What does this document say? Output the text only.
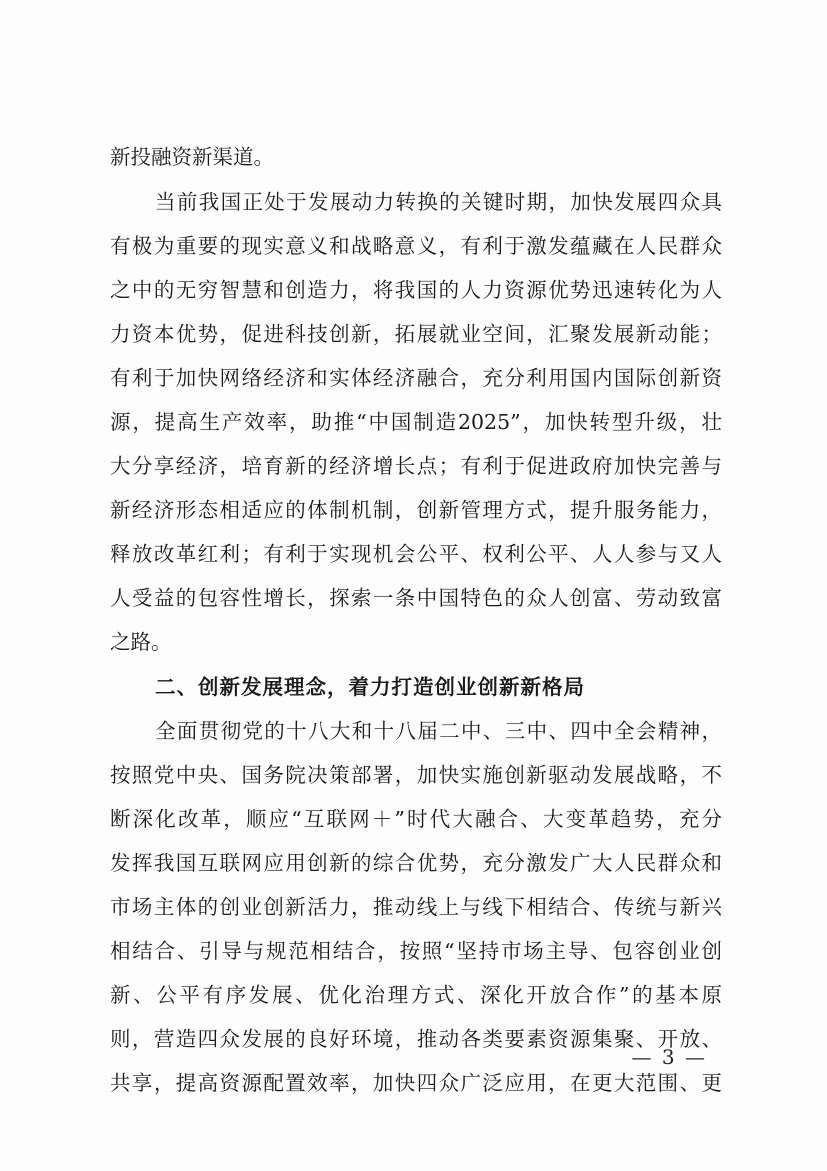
新投融资新渠道。
当前我国正处于发展动力转换的关键时期，加快发展四众具
有极为重要的现实意义和战略意义，有利于激发蕴藏在人民群众
之中的无穷智慧和创造力，将我国的人力资源优势迅速转化为人
力资本优势，促进科技创新，拓展就业空间，汇聚发展新动能；
有利于加快网络经济和实体经济融合，充分利用国内国际创新资
源，提高生产效率，助推“中国制造2025”，加快转型升级，壮
大分享经济，培育新的经济增长点；有利于促进政府加快完善与
新经济形态相适应的体制机制，创新管理方式，提升服务能力，
释放改革红利；有利于实现机会公平、权利公平、人人参与又人
人受益的包容性增长，探索一条中国特色的众人创富、劳动致富
之路。
二、创新发展理念，着力打造创业创新新格局
全面贯彻党的十八大和十八届二中、三中、四中全会精神，
按照党中央、国务院决策部署，加快实施创新驱动发展战略，不
断深化改革，顺应“互联网＋”时代大融合、大变革趋势，充分
发挥我国互联网应用创新的综合优势，充分激发广大人民群众和
市场主体的创业创新活力，推动线上与线下相结合、传统与新兴
相结合、引导与规范相结合，按照“坚持市场主导、包容创业创
新、公平有序发展、优化治理方式、深化开放合作”的基本原
则，营造四众发展的良好环境，推动各类要素资源集聚、开放、
共享，提高资源配置效率，加快四众广泛应用，在更大范围、更
— 3 —
